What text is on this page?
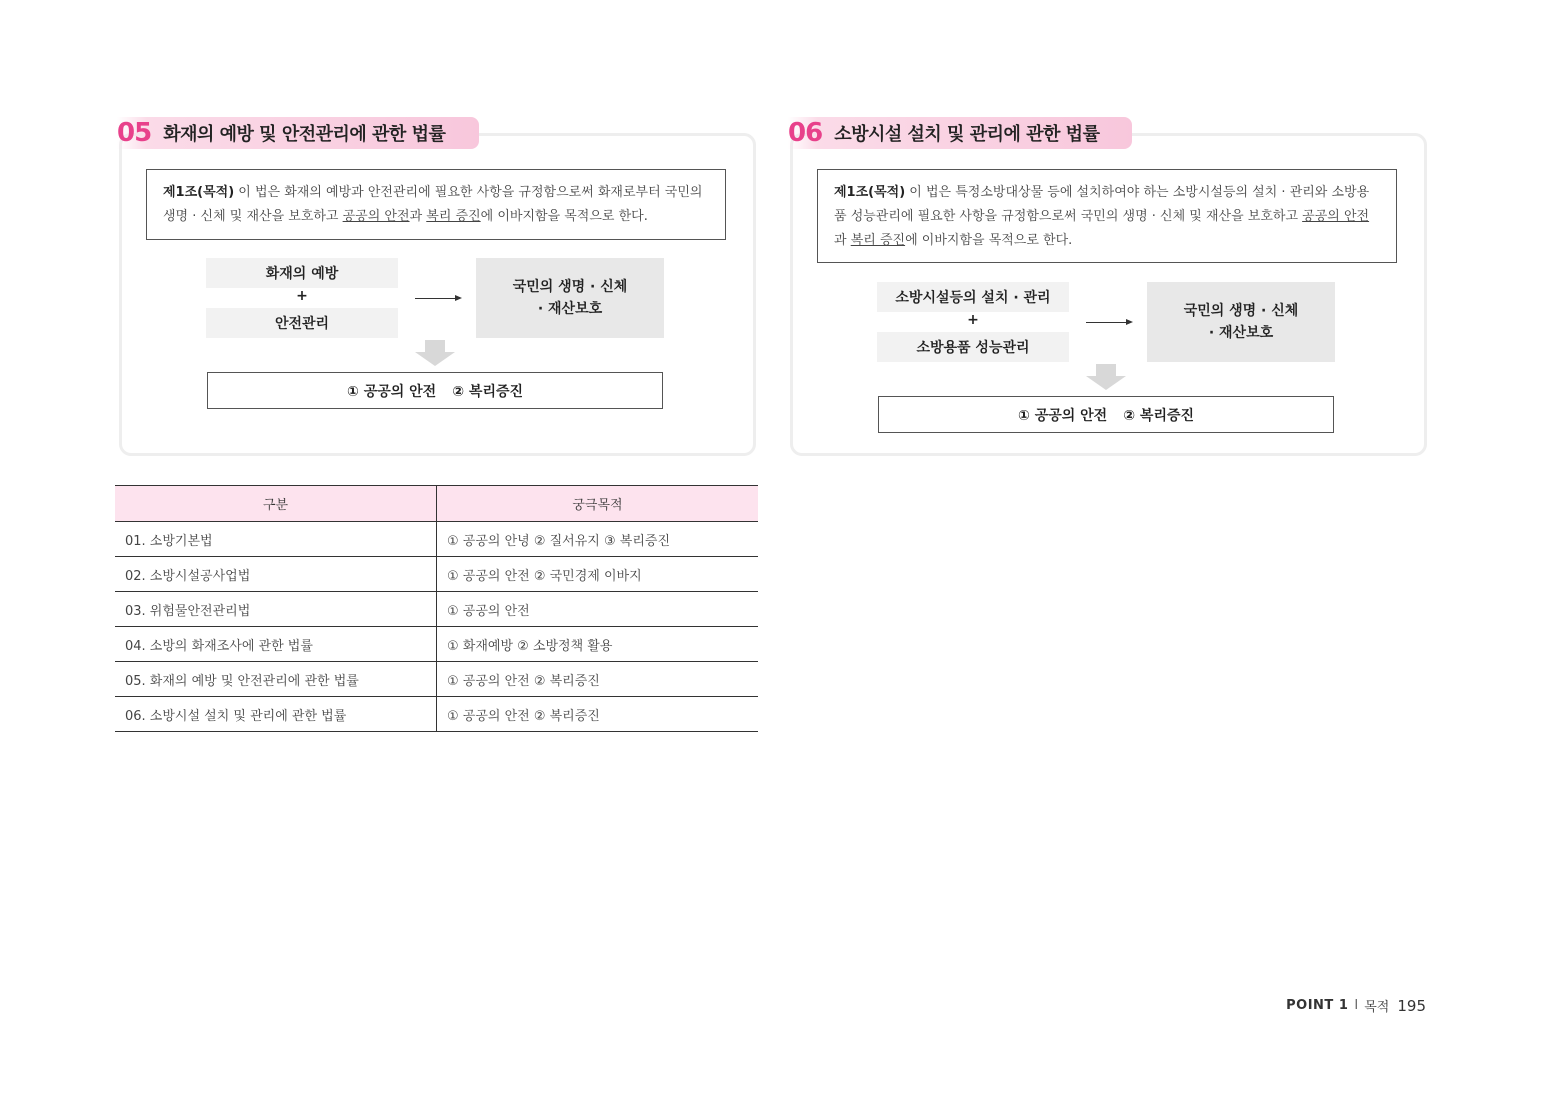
05 화재의 예방 및 안전관리에 관한 법률
제1조(목적) 이 법은 화재의 예방과 안전관리에 필요한 사항을 규정함으로써 화재로부터 국민의 생명 · 신체 및 재산을 보호하고 공공의 안전과 복리 증진에 이바지함을 목적으로 한다.
화재의 예방
+
안전관리
국민의 생명 · 신체
· 재산보호
① 공공의 안전 ② 복리증진
06 소방시설 설치 및 관리에 관한 법률
제1조(목적) 이 법은 특정소방대상물 등에 설치하여야 하는 소방시설등의 설치 · 관리와 소방용품 성능관리에 필요한 사항을 규정함으로써 국민의 생명 · 신체 및 재산을 보호하고 공공의 안전과 복리 증진에 이바지함을 목적으로 한다.
소방시설등의 설치 · 관리
+
소방용품 성능관리
국민의 생명 · 신체
· 재산보호
① 공공의 안전 ② 복리증진
구분	궁극목적
01. 소방기본법	① 공공의 안녕 ② 질서유지 ③ 복리증진
02. 소방시설공사업법	① 공공의 안전 ② 국민경제 이바지
03. 위험물안전관리법	① 공공의 안전
04. 소방의 화재조사에 관한 법률	① 화재예방 ② 소방정책 활용
05. 화재의 예방 및 안전관리에 관한 법률	① 공공의 안전 ② 복리증진
06. 소방시설 설치 및 관리에 관한 법률	① 공공의 안전 ② 복리증진
POINT 1 I 목적 195
